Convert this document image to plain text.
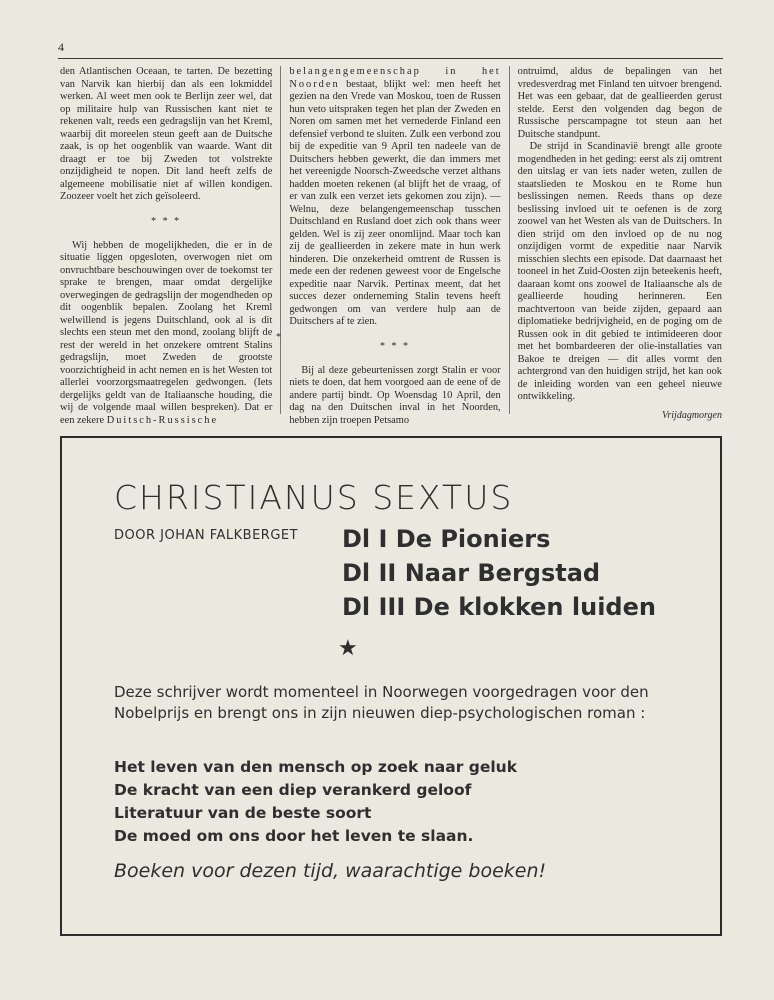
4

den Atlantischen Oceaan, te tarten. De bezetting van Narvik kan hierbij dan als een lokmiddel werken. Al weet men ook te Berlijn zeer wel, dat op militaire hulp van Russischen kant niet te rekenen valt, reeds een gedragslijn van het Kreml, waarbij dit moreelen steun geeft aan de Duitsche zaak, is op het oogenblik van waarde. Want dit draagt er toe bij Zweden tot volstrekte onzijdigheid te nopen. Dit land heeft zelfs de algemeene mobilisatie niet af willen kondigen. Zoozeer voelt het zich geïsoleerd.

* * *

Wij hebben de mogelijkheden, die er in de situatie liggen opgesloten, overwogen niet om onvruchtbare beschouwingen over de toekomst ter sprake te brengen, maar omdat dergelijke overwegingen de gedragslijn der mogendheden op dit oogenblik bepalen. Zoolang het Kreml welwillend is jegens Duitschland, ook al is dit slechts een steun met den mond, zoolang blijft de rest der wereld in het onzekere omtrent Stalins gedragslijn, moet Zweden de grootste voorzichtigheid in acht nemen en is het Westen tot allerlei voorzorgsmaatregelen gedwongen. (Iets dergelijks geldt van de Italiaansche houding, die wij de volgende maal willen bespreken). Dat er een zekere Duitsch-Russische

belangengemeenschap in het Noorden bestaat, blijkt wel: men heeft het gezien na den Vrede van Moskou, toen de Russen hun veto uitspraken tegen het plan der Zweden en Noren om samen met het vernederde Finland een defensief verbond te sluiten. Zulk een verbond zou bij de expeditie van 9 April ten nadeele van de Duitschers hebben gewerkt, die dan immers met het vereenigde Noorsch-Zweedsche verzet althans hadden moeten rekenen (al blijft het de vraag, of er van zulk een verzet iets gekomen zou zijn). — Welnu, deze belangengemeenschap tusschen Duitschland en Rusland doet zich ook thans weer gelden. Wel is zij zeer onomlijnd. Maar toch kan zij de geallieerden in zekere mate in hun werk hinderen. Die onzekerheid omtrent de Russen is mede een der redenen geweest voor de Engelsche expeditie naar Narvik. Pertinax meent, dat het succes dezer onderneming Stalin tevens heeft gedwongen om van verdere hulp aan de Duitschers af te zien.

* * *

Bij al deze gebeurtenissen zorgt Stalin er voor niets te doen, dat hem voorgoed aan de eene of de andere partij bindt. Op Woensdag 10 April, den dag na den Duitschen inval in het Noorden, hebben zijn troepen Petsamo

ontruimd, aldus de bepalingen van het vredesverdrag met Finland ten uitvoer brengend. Het was een gebaar, dat de geallieerden gerust stelde. Eerst den volgenden dag begon de Russische perscampagne tot steun aan het Duitsche standpunt.

De strijd in Scandinavië brengt alle groote mogendheden in het geding: eerst als zij omtrent den uitslag er van iets nader weten, zullen de staatslieden te Moskou en te Rome hun beslissingen nemen. Reeds thans op deze beslissing invloed uit te oefenen is de zorg zoowel van het Westen als van de Duitschers. In dien strijd om den invloed op de nu nog onzijdigen vormt de expeditie naar Narvik misschien slechts een episode. Dat daarnaast het tooneel in het Zuid-Oosten zijn beteekenis heeft, daaraan komt ons zoowel de Italiaansche als de geallieerde houding herinneren. Een machtvertoon van beide zijden, gepaard aan diplomatieke bedrijvigheid, en de poging om de Russen ook in dit gebied te intimideeren door met het bombardeeren der olie-installaties van Bakoe te dreigen — dit alles vormt den achtergrond van den huidigen strijd, het kan ook de inleiding worden van een geheel nieuwe ontwikkeling.

Vrijdagmorgen
*
CHRISTIANUS SEXTUS
DOOR JOHAN FALKBERGET Dl I De Pioniers
Dl II Naar Bergstad
Dl III De klokken luiden
★
Deze schrijver wordt momenteel in Noorwegen voorgedragen voor den Nobelprijs en brengt ons in zijn nieuwen diep-psychologischen roman :
Het leven van den mensch op zoek naar geluk
De kracht van een diep verankerd geloof
Literatuur van de beste soort
De moed om ons door het leven te slaan.
Boeken voor dezen tijd, waarachtige boeken!
